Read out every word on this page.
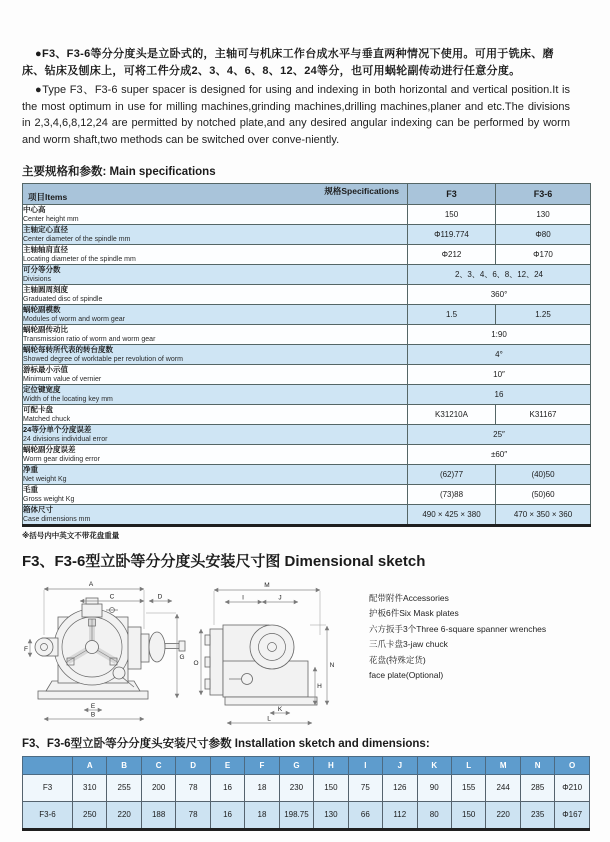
●F3、F3-6等分分度头是立卧式的，主轴可与机床工作台成水平与垂直两种情况下使用。可用于铣床、磨床、钻床及刨床上，可将工件分成2、3、4、6、8、12、24等分，也可用蜗轮副传动进行任意分度。

●Type F3、F3-6 super spacer is designed for using and indexing in both horizontal and vertical position.It is the most optimum in use for milling machines,grinding machines,drilling machines,planer and etc.The divisions in 2,3,4,6,8,12,24 are permitted by notched plate,and any desired angular indexing can be performed by worm and worm shaft,two methods can be switched over conve-niently.

主要规格和参数: Main specifications
规格Specifications
项目Items	F3	F3-6

中心高
Center height mm	150	130

主轴定心直径
Center diameter of the spindle mm	Φ119.774	Φ80

主轴轴肩直径
Locating diameter of the spindle mm	Φ212	Φ170

可分等分数
Divisions	2、3、4、6、8、12、24	

主轴圆周刻度
Graduated disc of spindle	360°	

蜗轮副模数
Modules of worm and worm gear	1.5	1.25

蜗轮副传动比
Transmission ratio of worm and worm gear	1:90	

蜗轮每转所代表的转台度数
Showed degree of worktable per revolution of worm	4°	

游标最小示值
Minimum value of vernier	10″	

定位键宽度
Width of the locating key mm	16	

可配卡盘
Matched chuck	K31210A	K31167

24等分单个分度误差
24 divisions individual error	25″	

蜗轮副分度误差
Worm gear dividing error	±60″	

净重
Net weight Kg	(62)77	(40)50

毛重
Gross weight Kg	(73)88	(50)60

箱体尺寸
Case dimensions mm	490 × 425 × 380	470 × 350 × 360
※括号内中英文不带花盘重量
F3、F3-6型立卧等分分度头安装尺寸图 Dimensional sketch
A
C	D
F
G
E
B
M
I	J
O	N
H
K
L
配带附件Accessories
护板6件Six Mask plates
六方扳手3个Three 6-square spanner wrenches
三爪卡盘3-jaw chuck
花盘(特殊定货)
face plate(Optional)
F3、F3-6型立卧等分分度头安装尺寸参数 Installation sketch and dimensions:
	A	B	C	D	E	F	G	H	I	J	K	L	M	N	O
F3	310	255	200	78	16	18	230	150	75	126	90	155	244	285	Φ210
F3-6	250	220	188	78	16	18	198.75	130	66	112	80	150	220	235	Φ167
